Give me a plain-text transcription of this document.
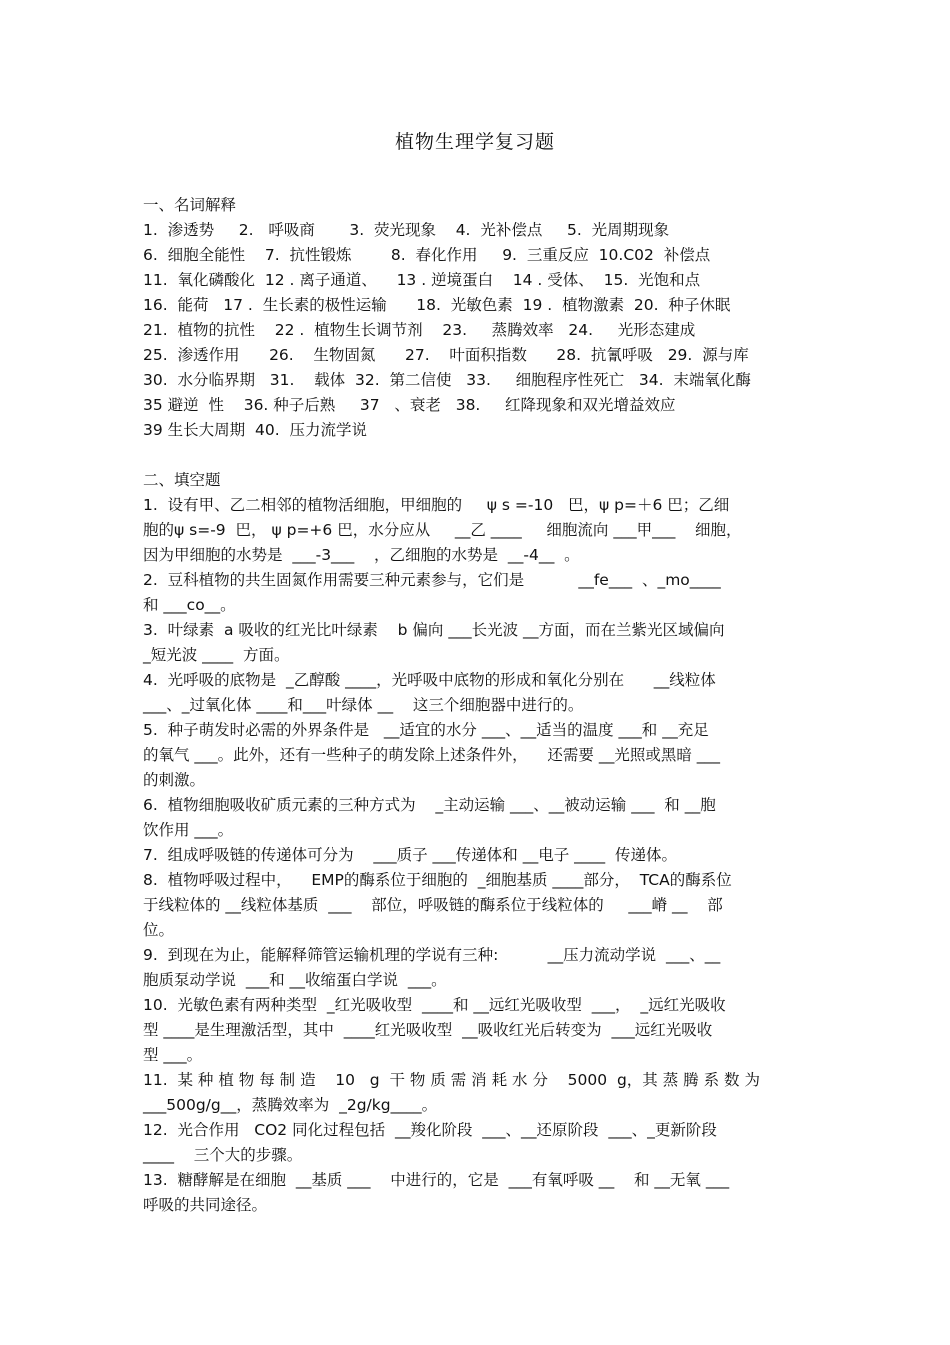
植物生理学复习题
一、名词解释
1.  渗透势     2.   呼吸商       3.  荧光现象    4.  光补偿点     5.  光周期现象
6.  细胞全能性    7.  抗性锻炼        8.  春化作用     9.  三重反应  10.C02  补偿点
11.  氧化磷酸化  12 . 离子通道、    13 . 逆境蛋白    14 . 受体、  15.  光饱和点
16.  能荷   17 .  生长素的极性运输      18.  光敏色素  19 .  植物激素  20.  种子休眠
21.  植物的抗性    22 .  植物生长调节剂    23.     蒸腾效率   24.     光形态建成
25.  渗透作用      26.    生物固氮      27.    叶面积指数      28.  抗氰呼吸   29.  源与库
30.  水分临界期   31.    载体  32.  第二信使   33.     细胞程序性死亡   34.  末端氧化酶
35 避逆  性    36. 种子后熟     37   、衰老   38.     红降现象和双光增益效应
39 生长大周期  40.  压力流学说
二、填空题
1.  设有甲、乙二相邻的植物活细胞，甲细胞的     ψ s =-10   巴，ψ p=＋6 巴；乙细
胞的ψ s=-9  巴， ψ p=+6 巴，水分应从     __乙 ____     细胞流向 ___甲___    细胞，
因为甲细胞的水势是  ___-3___    ，乙细胞的水势是  __-4__  。
2.  豆科植物的共生固氮作用需要三种元素参与，它们是           __fe___  、_mo____
和 ___co__。
3.  叶绿素  a 吸收的红光比叶绿素    b 偏向 ___长光波 __方面，而在兰紫光区域偏向
_短光波 ____  方面。
4.  光呼吸的底物是  _乙醇酸 ____，光呼吸中底物的形成和氧化分别在      __线粒体
___、_过氧化体 ____和___叶绿体 __    这三个细胞器中进行的。
5.  种子萌发时必需的外界条件是   __适宜的水分 ___、__适当的温度 ___和 __充足
的氧气 ___。此外，还有一些种子的萌发除上述条件外，    还需要 __光照或黑暗 ___
的刺激。
6.  植物细胞吸收矿质元素的三种方式为    _主动运输 ___、__被动运输 ___  和 __胞
饮作用 ___。
7.  组成呼吸链的传递体可分为    ___质子 ___传递体和 __电子 ____  传递体。
8.  植物呼吸过程中，    EMP的酶系位于细胞的  _细胞基质 ____部分，  TCA的酶系位
于线粒体的 __线粒体基质  ___    部位，呼吸链的酶系位于线粒体的     ___嵴 __    部
位。
9.  到现在为止，能解释筛管运输机理的学说有三种:          __压力流动学说  ___、__
胞质泵动学说  ___和 __收缩蛋白学说  ___。
10.  光敏色素有两种类型  _红光吸收型  ____和 __远红光吸收型  ___，  _远红光吸收
型 ____是生理激活型，其中  ____红光吸收型  __吸收红光后转变为  ___远红光吸收
型 ___。
11.  某 种 植 物 每 制 造    10   g  干 物 质 需 消 耗 水 分    5000  g，其 蒸 腾 系 数 为
___500g/g__，蒸腾效率为  _2g/kg____。
12.  光合作用   CO2 同化过程包括  __羧化阶段  ___、__还原阶段  ___、_更新阶段
____    三个大的步骤。
13.  糖酵解是在细胞  __基质 ___    中进行的，它是  ___有氧呼吸 __    和 __无氧 ___
呼吸的共同途径。
